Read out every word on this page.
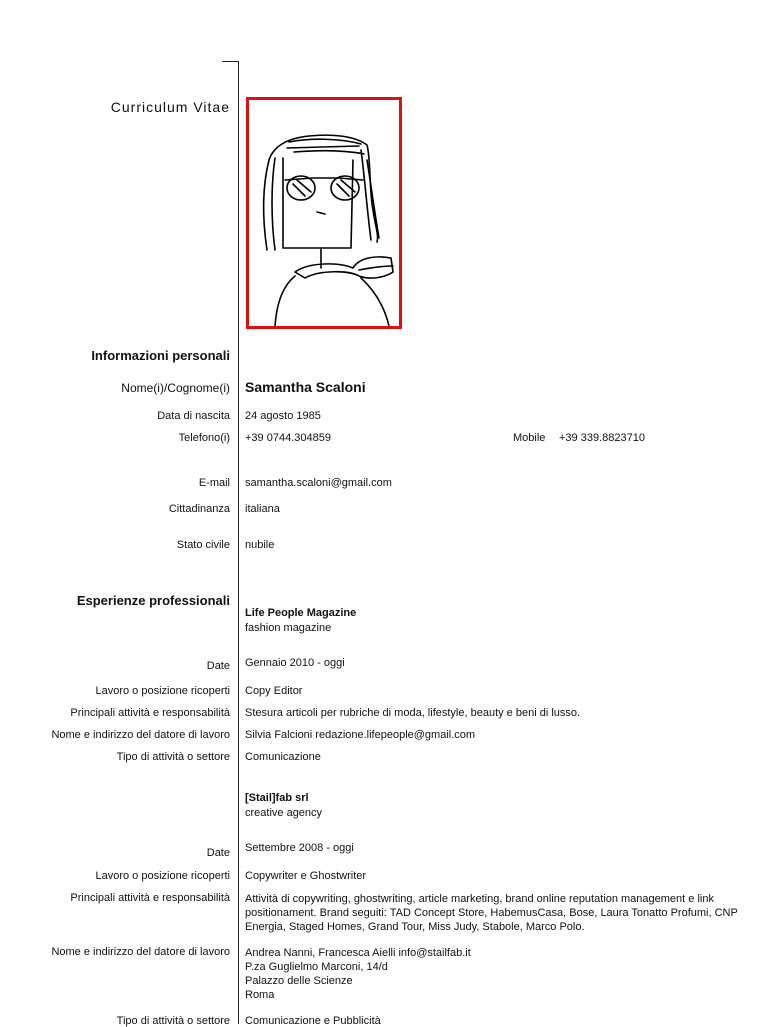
Curriculum Vitae
Informazioni personali
Nome(i)/Cognome(i) Samantha Scaloni
Data di nascita 24 agosto 1985
Telefono(i) +39 0744.304859	Mobile +39 339.8823710
E-mail samantha.scaloni@gmail.com
Cittadinanza italiana
Stato civile nubile
Esperienze professionali
Life People Magazine
fashion magazine
Date Gennaio 2010 - oggi
Lavoro o posizione ricoperti Copy Editor
Principali attività e responsabilità Stesura articoli per rubriche di moda, lifestyle, beauty e beni di lusso.
Nome e indirizzo del datore di lavoro Silvia Falcioni redazione.lifepeople@gmail.com
Tipo di attività o settore Comunicazione
[Stail]fab srl
creative agency
Date Settembre 2008 - oggi
Lavoro o posizione ricoperti Copywriter e Ghostwriter
Principali attività e responsabilità Attività di copywriting, ghostwriting, article marketing, brand online reputation management e link
positionament. Brand seguiti: TAD Concept Store, HabemusCasa, Bose, Laura Tonatto Profumi, CNP
Energia, Staged Homes, Grand Tour, Miss Judy, Stabole, Marco Polo.
Nome e indirizzo del datore di lavoro Andrea Nanni, Francesca Aielli info@stailfab.it
P.za Guglielmo Marconi, 14/d
Palazzo delle Scienze
Roma
Tipo di attività o settore Comunicazione e Pubblicità
